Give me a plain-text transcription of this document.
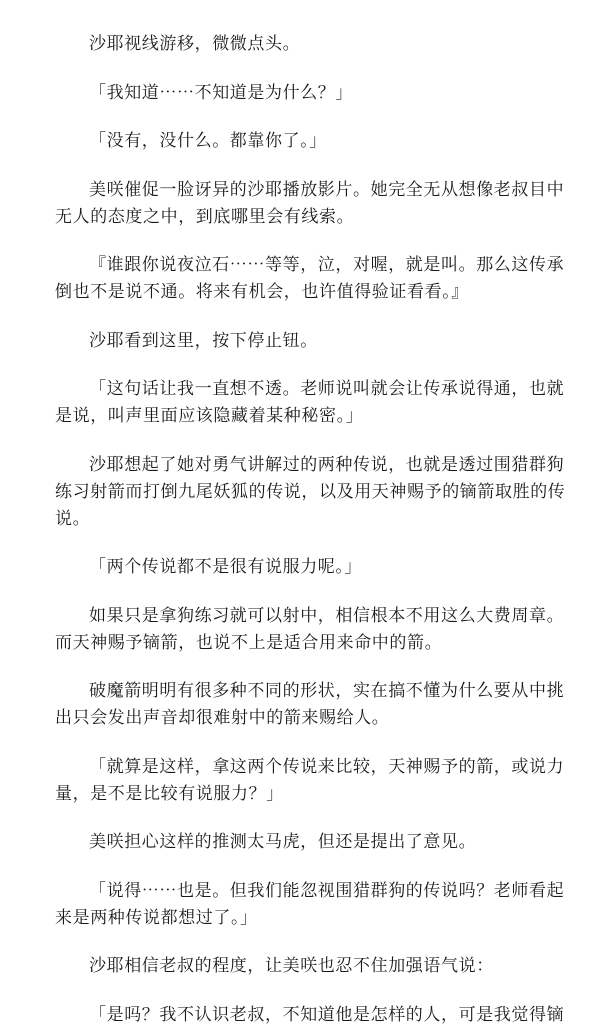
沙耶视线游移，微微点头。

「我知道⋯⋯不知道是为什么？」

「没有，没什么。都靠你了。」

美咲催促一脸讶异的沙耶播放影片。她完全无从想像老叔目中无人的态度之中，到底哪里会有线索。

『谁跟你说夜泣石⋯⋯等等，泣，对喔，就是叫。那么这传承倒也不是说不通。将来有机会，也许值得验证看看。』

沙耶看到这里，按下停止钮。

「这句话让我一直想不透。老师说叫就会让传承说得通，也就是说，叫声里面应该隐藏着某种秘密。」

沙耶想起了她对勇气讲解过的两种传说，也就是透过围猎群狗练习射箭而打倒九尾妖狐的传说，以及用天神赐予的镝箭取胜的传说。

「两个传说都不是很有说服力呢。」

如果只是拿狗练习就可以射中，相信根本不用这么大费周章。而天神赐予镝箭，也说不上是适合用来命中的箭。

破魔箭明明有很多种不同的形状，实在搞不懂为什么要从中挑出只会发出声音却很难射中的箭来赐给人。

「就算是这样，拿这两个传说来比较，天神赐予的箭，或说力量，是不是比较有说服力？」

美咲担心这样的推测太马虎，但还是提出了意见。

「说得⋯⋯也是。但我们能忽视围猎群狗的传说吗？老师看起来是两种传说都想过了。」

沙耶相信老叔的程度，让美咲也忍不住加强语气说：

「是吗？我不认识老叔，不知道他是怎样的人，可是我觉得镝
